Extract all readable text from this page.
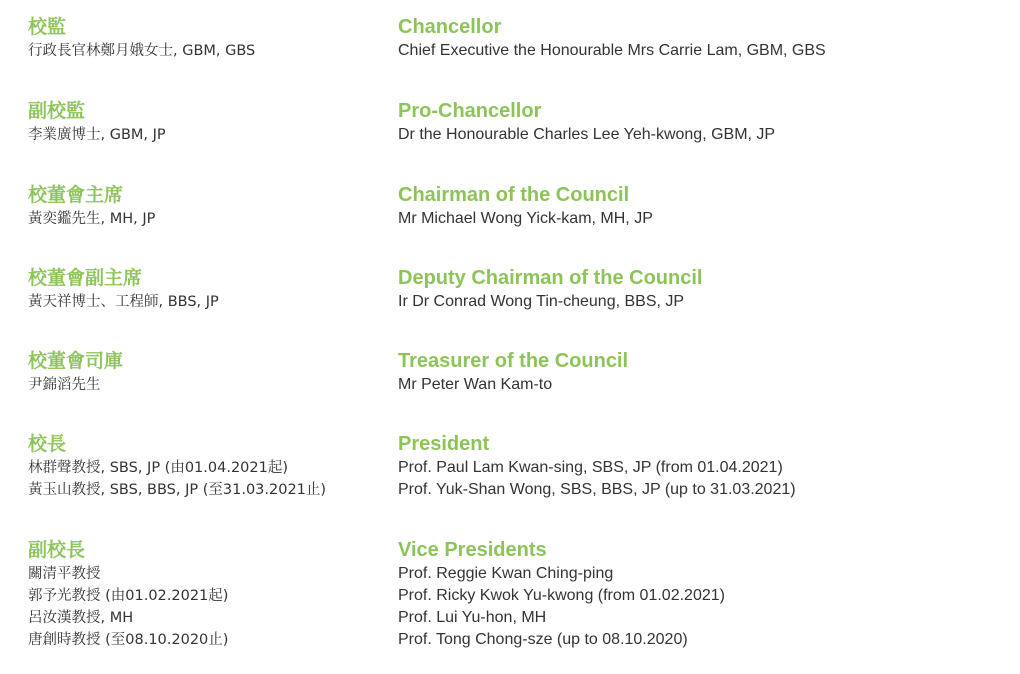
校監
行政長官林鄭月娥女士, GBM, GBS
Chancellor
Chief Executive the Honourable Mrs Carrie Lam, GBM, GBS
副校監
李業廣博士, GBM, JP
Pro-Chancellor
Dr the Honourable Charles Lee Yeh-kwong, GBM, JP
校董會主席
黃奕鑑先生, MH, JP
Chairman of the Council
Mr Michael Wong Yick-kam, MH, JP
校董會副主席
黃天祥博士、工程師, BBS, JP
Deputy Chairman of the Council
Ir Dr Conrad Wong Tin-cheung, BBS, JP
校董會司庫
尹錦滔先生
Treasurer of the Council
Mr Peter Wan Kam-to
校長
林群聲教授, SBS, JP (由01.04.2021起)
黃玉山教授, SBS, BBS, JP (至31.03.2021止)
President
Prof. Paul Lam Kwan-sing, SBS, JP (from 01.04.2021)
Prof. Yuk-Shan Wong, SBS, BBS, JP (up to 31.03.2021)
副校長
關清平教授
郭予光教授 (由01.02.2021起)
呂汝漢教授, MH
唐創時教授 (至08.10.2020止)
Vice Presidents
Prof. Reggie Kwan Ching-ping
Prof. Ricky Kwok Yu-kwong (from 01.02.2021)
Prof. Lui Yu-hon, MH
Prof. Tong Chong-sze (up to 08.10.2020)
